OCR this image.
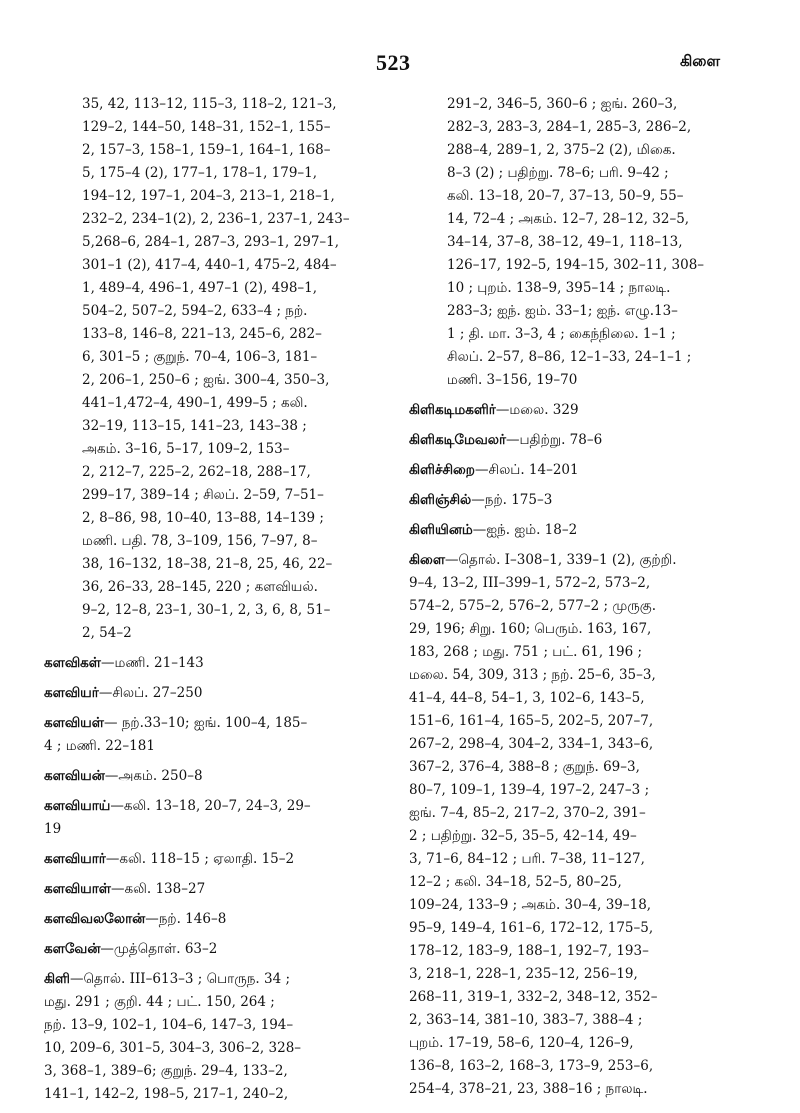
523	கிளை
35, 42, 113–12, 115–3, 118–2, 121–3,
129–2, 144–50, 148–31, 152–1, 155–
2, 157–3, 158–1, 159–1, 164–1, 168–
5, 175–4 (2), 177–1, 178–1, 179–1,
194–12, 197–1, 204–3, 213–1, 218–1,
232–2, 234–1(2), 2, 236–1, 237–1, 243–
5,268–6, 284–1, 287–3, 293–1, 297–1,
301–1 (2), 417–4, 440–1, 475–2, 484–
1, 489–4, 496–1, 497–1 (2), 498–1,
504–2, 507–2, 594–2, 633–4 ; நற்.
133–8, 146–8, 221–13, 245–6, 282–
6, 301–5 ; குறுந். 70–4, 106–3, 181–
2, 206–1, 250–6 ; ஐங். 300–4, 350–3,
441–1,472–4, 490–1, 499–5 ; கலி.
32–19, 113–15, 141–23, 143–38 ;
அகம். 3–16, 5–17, 109–2, 153–
2, 212–7, 225–2, 262–18, 288–17,
299–17, 389–14 ; சிலப். 2–59, 7–51–
2, 8–86, 98, 10–40, 13–88, 14–139 ;
மணி. பதி. 78, 3–109, 156, 7–97, 8–
38, 16–132, 18–38, 21–8, 25, 46, 22–
36, 26–33, 28–145, 220 ; களவியல்.
9–2, 12–8, 23–1, 30–1, 2, 3, 6, 8, 51–
2, 54–2
களவிகள்—மணி. 21–143
களவியர்—சிலப். 27–250
களவியள்— நற்.33–10; ஐங். 100–4, 185–
4 ; மணி. 22–181
களவியன்—அகம். 250–8
களவியாய்—கலி. 13–18, 20–7, 24–3, 29–
19
களவியார்—கலி. 118–15 ; ஏலாதி. 15–2
களவியாள்—கலி. 138–27
களவிவலலோன்—நற். 146–8
களவேன்—முத்தொள். 63–2
கிளி—தொல். III–613–3 ; பொருந. 34 ;
மது. 291 ; குறி. 44 ; பட். 150, 264 ;
நற். 13–9, 102–1, 104–6, 147–3, 194–
10, 209–6, 301–5, 304–3, 306–2, 328–
3, 368–1, 389–6; குறுந். 29–4, 133–2,
141–1, 142–2, 198–5, 217–1, 240–2,
291–2, 346–5, 360–6 ; ஐங். 260–3,
282–3, 283–3, 284–1, 285–3, 286–2,
288–4, 289–1, 2, 375–2 (2), மிகை.
8–3 (2) ; பதிற்று. 78–6; பரி. 9–42 ;
கலி. 13–18, 20–7, 37–13, 50–9, 55–
14, 72–4 ; அகம். 12–7, 28–12, 32–5,
34–14, 37–8, 38–12, 49–1, 118–13,
126–17, 192–5, 194–15, 302–11, 308–
10 ; புறம். 138–9, 395–14 ; நாலடி.
283–3; ஐந். ஐம். 33–1; ஐந். எழு.13–
1 ; தி. மா. 3–3, 4 ; கைந்நிலை. 1–1 ;
சிலப். 2–57, 8–86, 12–1–33, 24–1–1 ;
மணி. 3–156, 19–70
கிளிகடிமகளிர்—மலை. 329
கிளிகடிமேவலர்—பதிற்று. 78–6
கிளிச்சிறை—சிலப். 14–201
கிளிஞ்சில்—நற். 175–3
கிளியினம்—ஐந். ஐம். 18–2
கிளை—தொல். I–308–1, 339–1 (2), குற்றி.
9–4, 13–2, III–399–1, 572–2, 573–2,
574–2, 575–2, 576–2, 577–2 ; முருகு.
29, 196; சிறு. 160; பெரும். 163, 167,
183, 268 ; மது. 751 ; பட். 61, 196 ;
மலை. 54, 309, 313 ; நற். 25–6, 35–3,
41–4, 44–8, 54–1, 3, 102–6, 143–5,
151–6, 161–4, 165–5, 202–5, 207–7,
267–2, 298–4, 304–2, 334–1, 343–6,
367–2, 376–4, 388–8 ; குறுந். 69–3,
80–7, 109–1, 139–4, 197–2, 247–3 ;
ஐங். 7–4, 85–2, 217–2, 370–2, 391–
2 ; பதிற்று. 32–5, 35–5, 42–14, 49–
3, 71–6, 84–12 ; பரி. 7–38, 11–127,
12–2 ; கலி. 34–18, 52–5, 80–25,
109–24, 133–9 ; அகம். 30–4, 39–18,
95–9, 149–4, 161–6, 172–12, 175–5,
178–12, 183–9, 188–1, 192–7, 193–
3, 218–1, 228–1, 235–12, 256–19,
268–11, 319–1, 332–2, 348–12, 352–
2, 363–14, 381–10, 383–7, 388–4 ;
புறம். 17–19, 58–6, 120–4, 126–9,
136–8, 163–2, 168–3, 173–9, 253–6,
254–4, 378–21, 23, 388–16 ; நாலடி.
